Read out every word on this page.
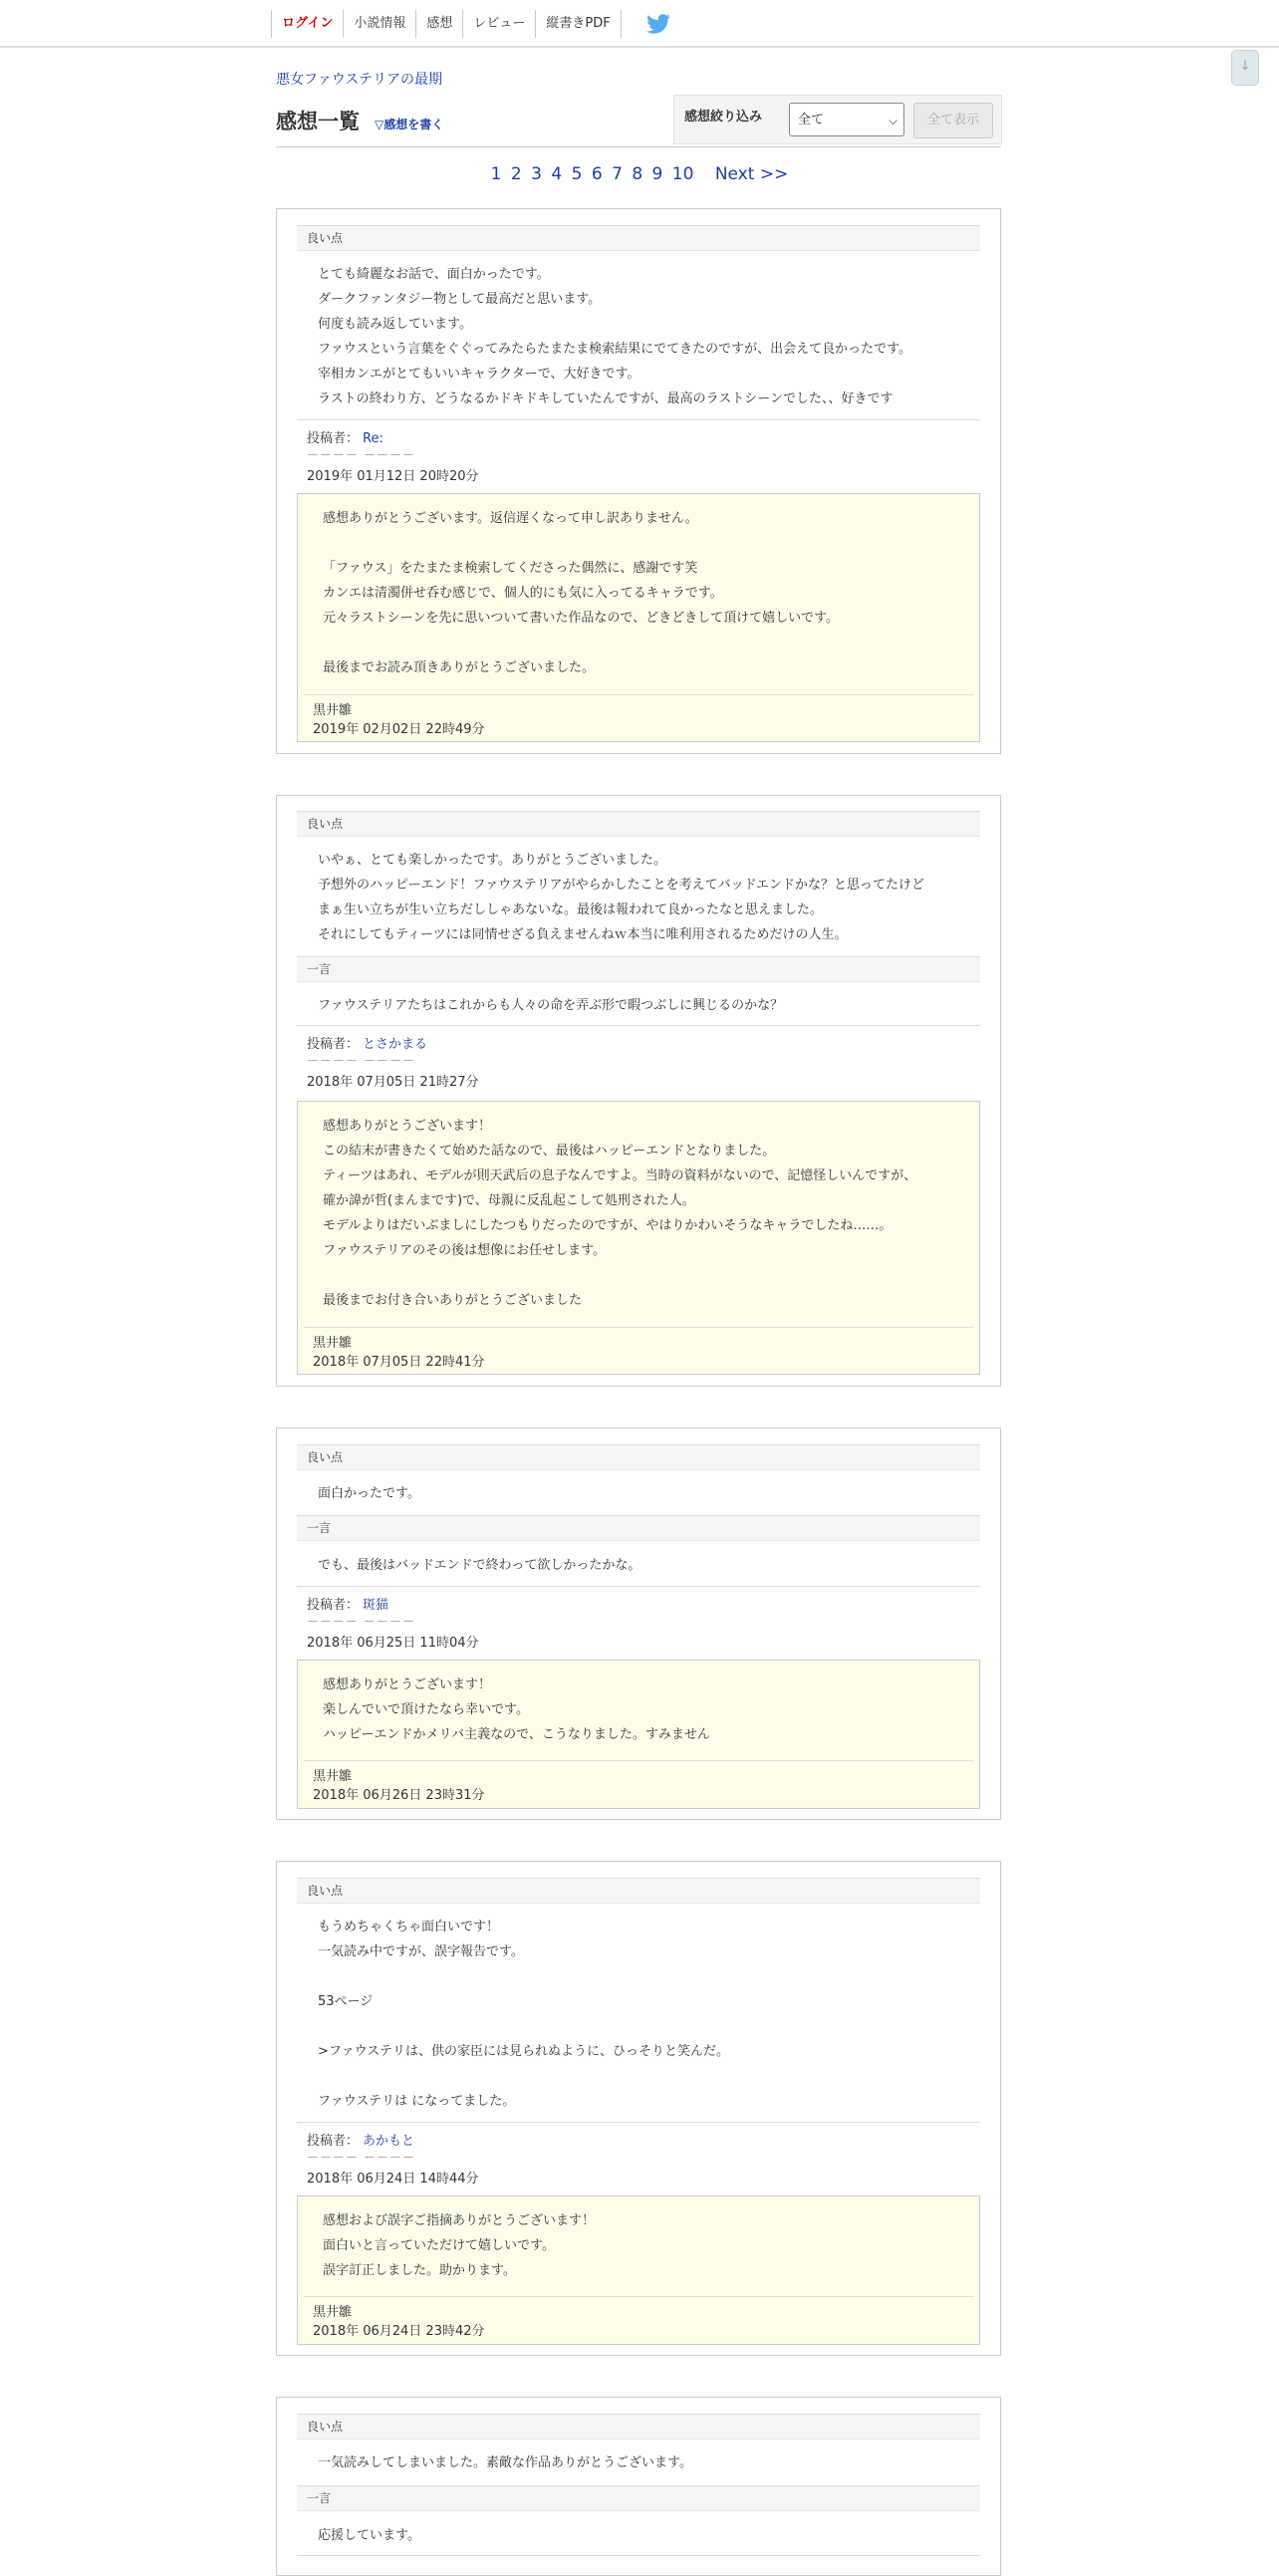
ログイン	小説情報	感想	レビュー	縦書きPDF
↓
悪女ファウステリアの最期
感想一覧 ▽感想を書く	感想絞り込み	全て	⌵	全て表示
1 2 3 4 5 6 7 8 9 10 Next >>
良い点
とても綺麗なお話で、面白かったです。
ダークファンタジー物として最高だと思います。
何度も読み返しています。
ファウスという言葉をぐぐってみたらたまたま検索結果にでてきたのですが、出会えて良かったです。
宰相カンエがとてもいいキャラクターで、大好きです。
ラストの終わり方、どうなるかドキドキしていたんですが、最高のラストシーンでした、、好きです
投稿者： Re:
－－－－ －－－－
2019年 01月12日 20時20分
感想ありがとうございます。返信遅くなって申し訳ありません。

「ファウス」をたまたま検索してくださった偶然に、感謝です笑
カンエは清濁併せ呑む感じで、個人的にも気に入ってるキャラです。
元々ラストシーンを先に思いついて書いた作品なので、どきどきして頂けて嬉しいです。

最後までお読み頂きありがとうございました。
黒井雛
2019年 02月02日 22時49分
良い点
いやぁ、とても楽しかったです。ありがとうございました。
予想外のハッピーエンド！ファウステリアがやらかしたことを考えてバッドエンドかな？と思ってたけど
まぁ生い立ちが生い立ちだししゃあないな。最後は報われて良かったなと思えました。
それにしてもティーツには同情せざる負えませんねｗ本当に唯利用されるためだけの人生。
一言
ファウステリアたちはこれからも人々の命を弄ぶ形で暇つぶしに興じるのかな？
投稿者： とさかまる
－－－－ －－－－
2018年 07月05日 21時27分
感想ありがとうございます！
この結末が書きたくて始めた話なので、最後はハッピーエンドとなりました。
ティーツはあれ、モデルが則天武后の息子なんですよ。当時の資料がないので、記憶怪しいんですが、
確か諱が哲(まんまです)で、母親に反乱起こして処刑された人。
モデルよりはだいぶましにしたつもりだったのですが、やはりかわいそうなキャラでしたね……。
ファウステリアのその後は想像にお任せします。

最後までお付き合いありがとうございました
黒井雛
2018年 07月05日 22時41分
良い点
面白かったです。
一言
でも、最後はバッドエンドで終わって欲しかったかな。
投稿者： 斑猫
－－－－ －－－－
2018年 06月25日 11時04分
感想ありがとうございます！
楽しんでいで頂けたなら幸いです。
ハッピーエンドかメリバ主義なので、こうなりました。すみません
黒井雛
2018年 06月26日 23時31分
良い点
もうめちゃくちゃ面白いです！
一気読み中ですが、誤字報告です。

53ページ

>ファウステリは、供の家臣には見られぬように、ひっそりと笑んだ。

ファウステリは になってました。
投稿者： あかもと
－－－－ －－－－
2018年 06月24日 14時44分
感想および誤字ご指摘ありがとうございます！
面白いと言っていただけて嬉しいです。
誤字訂正しました。助かります。
黒井雛
2018年 06月24日 23時42分
良い点
一気読みしてしまいました。素敵な作品ありがとうございます。
一言
応援しています。
